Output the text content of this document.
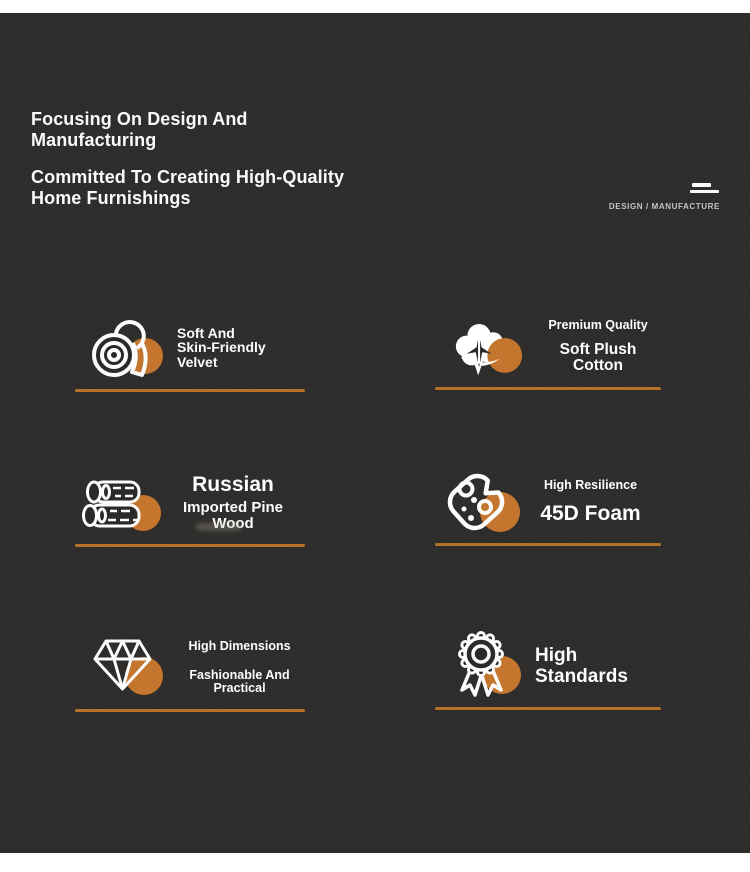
Focusing On Design And
Manufacturing
Committed To Creating High-Quality
Home Furnishings	DESIGN / MANUFACTURE
Soft And
Skin-Friendly
Velvet
Premium Quality
Soft Plush Cotton
Russian
Imported Pine Wood
High Resilience
45D Foam
High Dimensions
Fashionable And Practical
High
Standards
